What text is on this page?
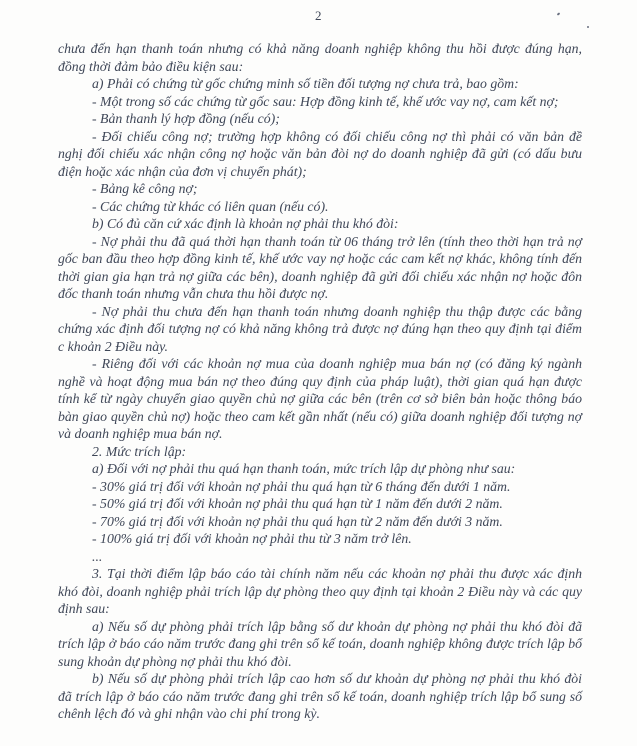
2

chưa đến hạn thanh toán nhưng có khả năng doanh nghiệp không thu hồi được đúng hạn, đồng thời đảm bảo điều kiện sau:

a) Phải có chứng từ gốc chứng minh số tiền đối tượng nợ chưa trả, bao gồm:

- Một trong số các chứng từ gốc sau: Hợp đồng kinh tế, khế ước vay nợ, cam kết nợ;

- Bản thanh lý hợp đồng (nếu có);

- Đối chiếu công nợ; trường hợp không có đối chiếu công nợ thì phải có văn bản đề nghị đối chiếu xác nhận công nợ hoặc văn bản đòi nợ do doanh nghiệp đã gửi (có dấu bưu điện hoặc xác nhận của đơn vị chuyển phát);

- Bảng kê công nợ;

- Các chứng từ khác có liên quan (nếu có).

b) Có đủ căn cứ xác định là khoản nợ phải thu khó đòi:

- Nợ phải thu đã quá thời hạn thanh toán từ 06 tháng trở lên (tính theo thời hạn trả nợ gốc ban đầu theo hợp đồng kinh tế, khế ước vay nợ hoặc các cam kết nợ khác, không tính đến thời gian gia hạn trả nợ giữa các bên), doanh nghiệp đã gửi đối chiếu xác nhận nợ hoặc đôn đốc thanh toán nhưng vẫn chưa thu hồi được nợ.

- Nợ phải thu chưa đến hạn thanh toán nhưng doanh nghiệp thu thập được các bằng chứng xác định đối tượng nợ có khả năng không trả được nợ đúng hạn theo quy định tại điểm c khoản 2 Điều này.

- Riêng đối với các khoản nợ mua của doanh nghiệp mua bán nợ (có đăng ký ngành nghề và hoạt động mua bán nợ theo đúng quy định của pháp luật), thời gian quá hạn được tính kể từ ngày chuyển giao quyền chủ nợ giữa các bên (trên cơ sở biên bản hoặc thông báo bàn giao quyền chủ nợ) hoặc theo cam kết gần nhất (nếu có) giữa doanh nghiệp đối tượng nợ và doanh nghiệp mua bán nợ.

2. Mức trích lập:

a) Đối với nợ phải thu quá hạn thanh toán, mức trích lập dự phòng như sau:

- 30% giá trị đối với khoản nợ phải thu quá hạn từ 6 tháng đến dưới 1 năm.

- 50% giá trị đối với khoản nợ phải thu quá hạn từ 1 năm đến dưới 2 năm.

- 70% giá trị đối với khoản nợ phải thu quá hạn từ 2 năm đến dưới 3 năm.

- 100% giá trị đối với khoản nợ phải thu từ 3 năm trở lên.

...

3. Tại thời điểm lập báo cáo tài chính năm nếu các khoản nợ phải thu được xác định khó đòi, doanh nghiệp phải trích lập dự phòng theo quy định tại khoản 2 Điều này và các quy định sau:

a) Nếu số dự phòng phải trích lập bằng số dư khoản dự phòng nợ phải thu khó đòi đã trích lập ở báo cáo năm trước đang ghi trên sổ kế toán, doanh nghiệp không được trích lập bổ sung khoản dự phòng nợ phải thu khó đòi.

b) Nếu số dự phòng phải trích lập cao hơn số dư khoản dự phòng nợ phải thu khó đòi đã trích lập ở báo cáo năm trước đang ghi trên sổ kế toán, doanh nghiệp trích lập bổ sung số chênh lệch đó và ghi nhận vào chi phí trong kỳ.
